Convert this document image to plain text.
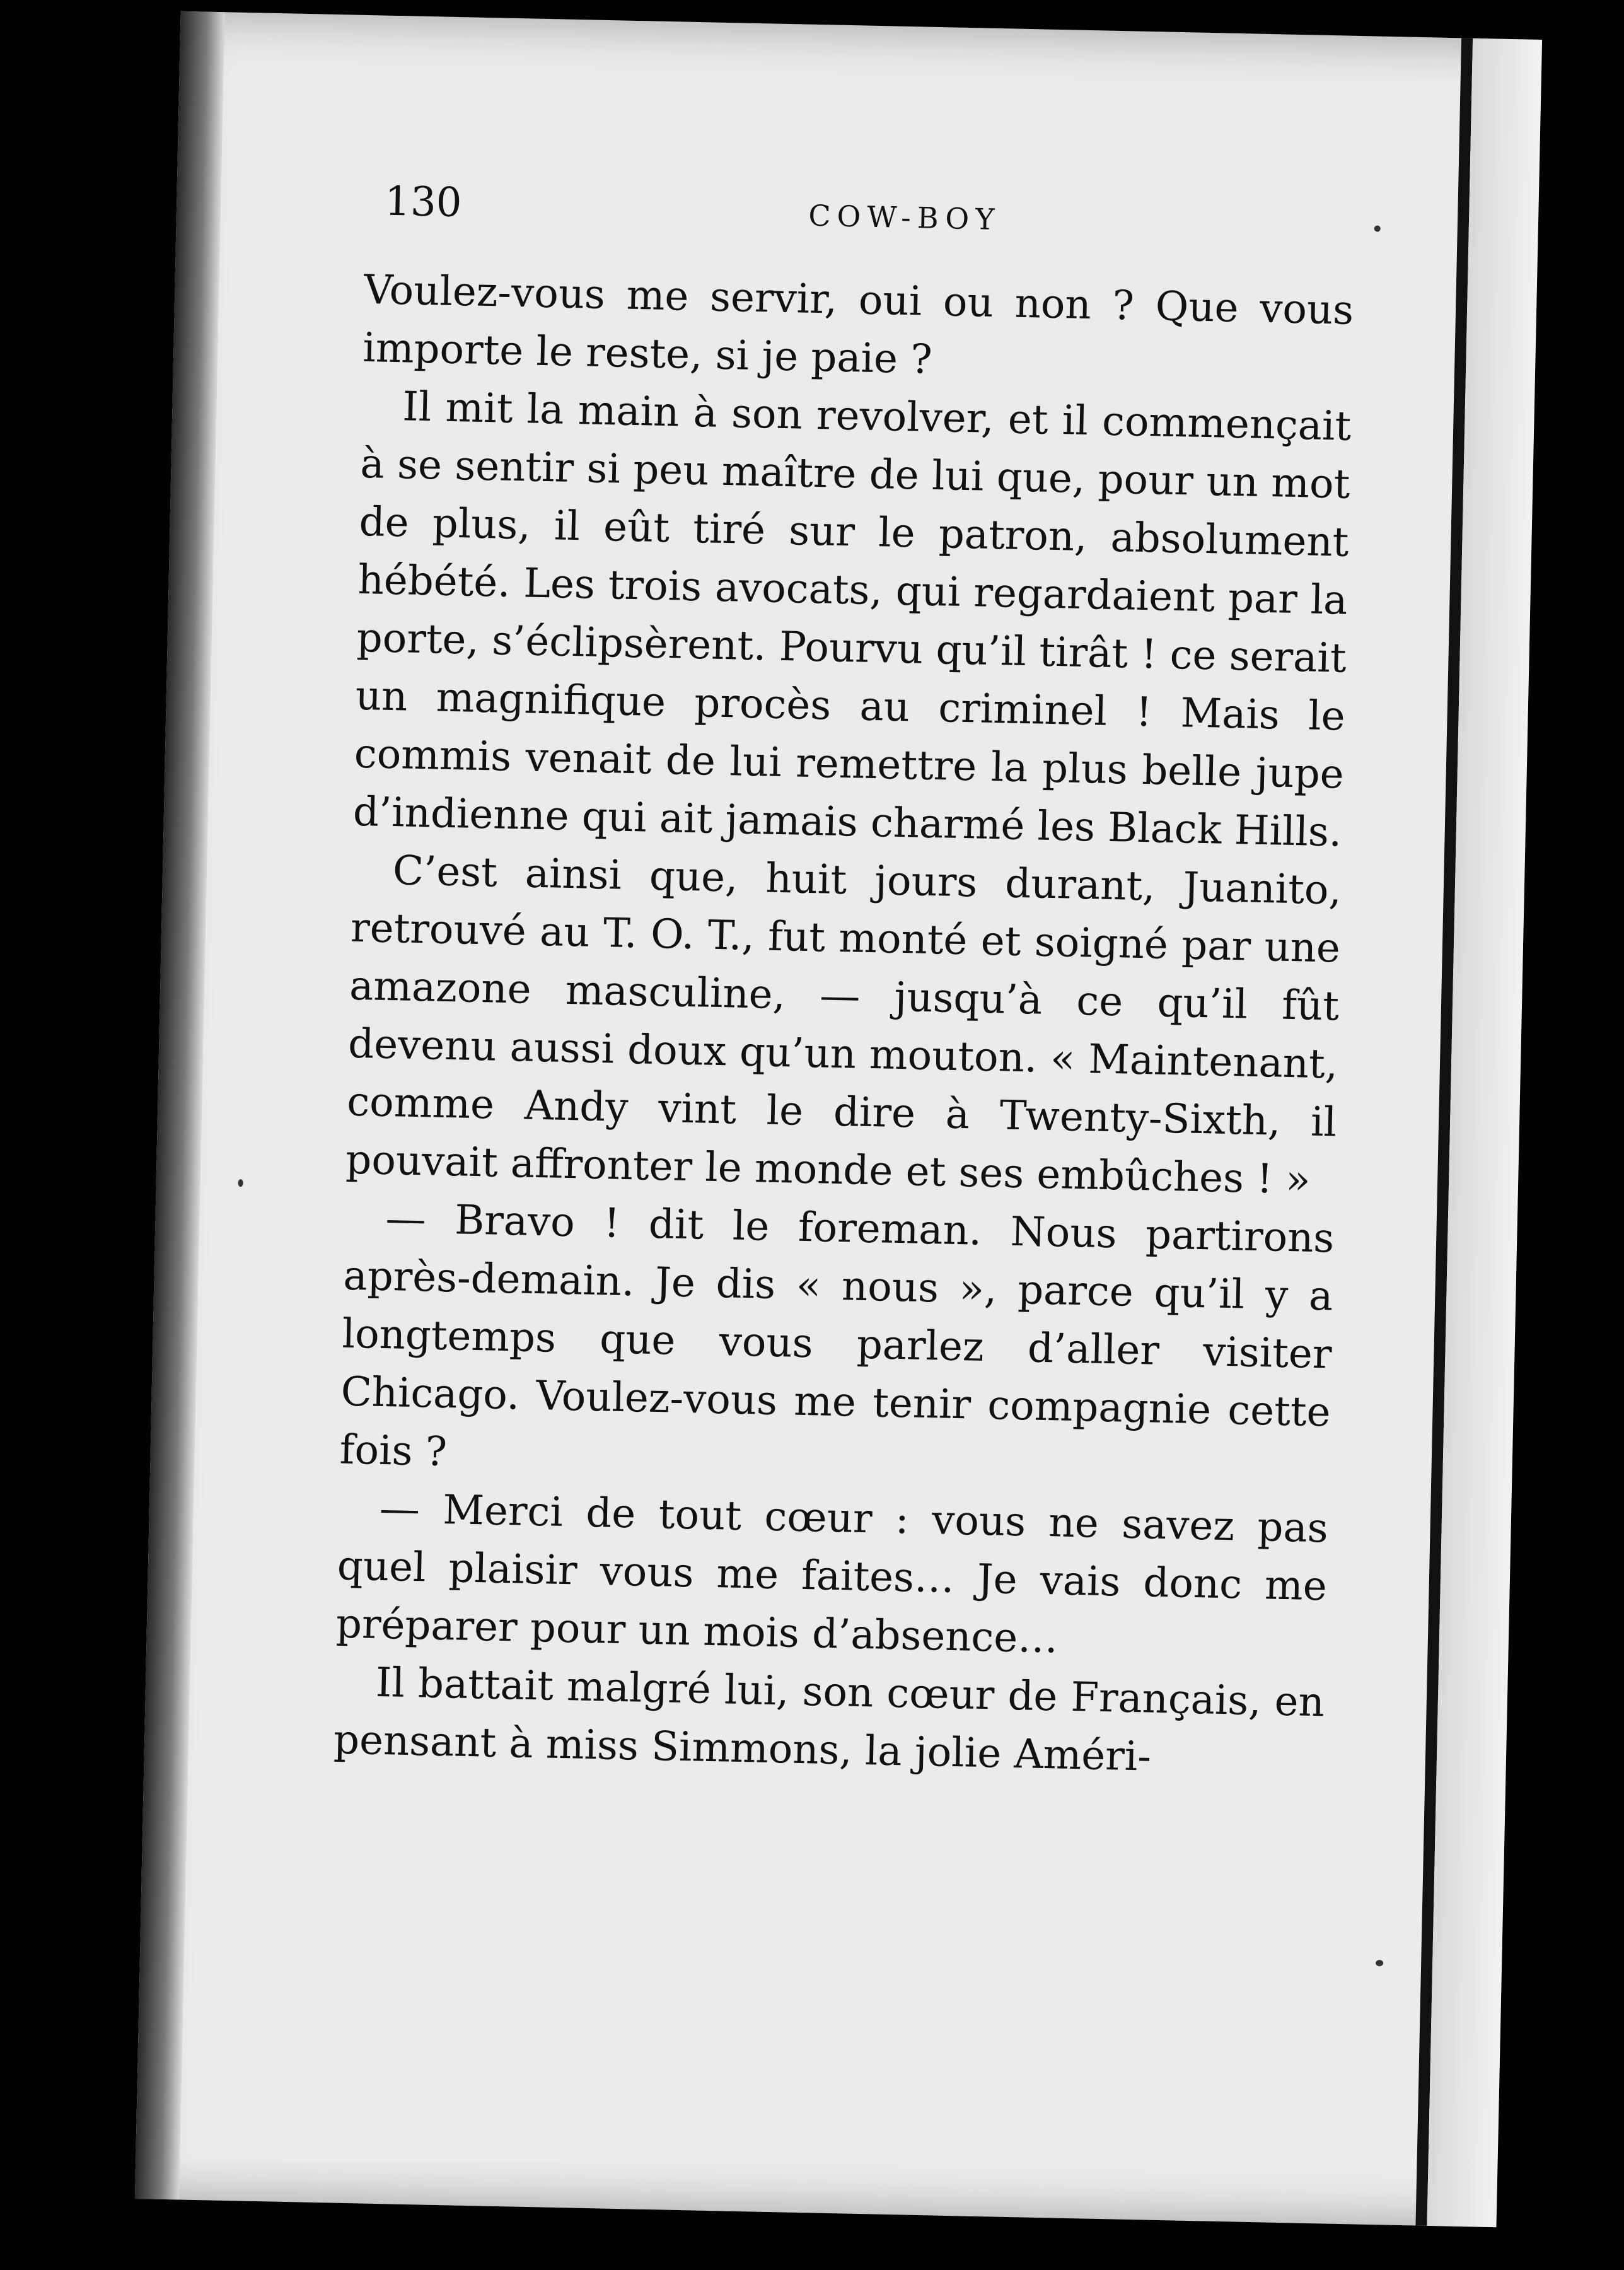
130	COW-BOY

Voulez-vous me servir, oui ou non ? Que vous importe le reste, si je paie ?

Il mit la main à son revolver, et il commençait à se sentir si peu maître de lui que, pour un mot de plus, il eût tiré sur le patron, absolument hébété. Les trois avocats, qui regardaient par la porte, s’éclipsèrent. Pourvu qu’il tirât ! ce serait un magnifique procès au criminel ! Mais le commis venait de lui remettre la plus belle jupe d’indienne qui ait jamais charmé les Black Hills.

C’est ainsi que, huit jours durant, Juanito, retrouvé au T. O. T., fut monté et soigné par une amazone masculine, — jusqu’à ce qu’il fût devenu aussi doux qu’un mouton. « Maintenant, comme Andy vint le dire à Twenty-Sixth, il pouvait affronter le monde et ses embûches ! »

— Bravo ! dit le foreman. Nous partirons après-demain. Je dis « nous », parce qu’il y a longtemps que vous parlez d’aller visiter Chicago. Voulez-vous me tenir compagnie cette fois ?

— Merci de tout cœur : vous ne savez pas quel plaisir vous me faites… Je vais donc me préparer pour un mois d’absence…

Il battait malgré lui, son cœur de Français, en pensant à miss Simmons, la jolie Améri-
